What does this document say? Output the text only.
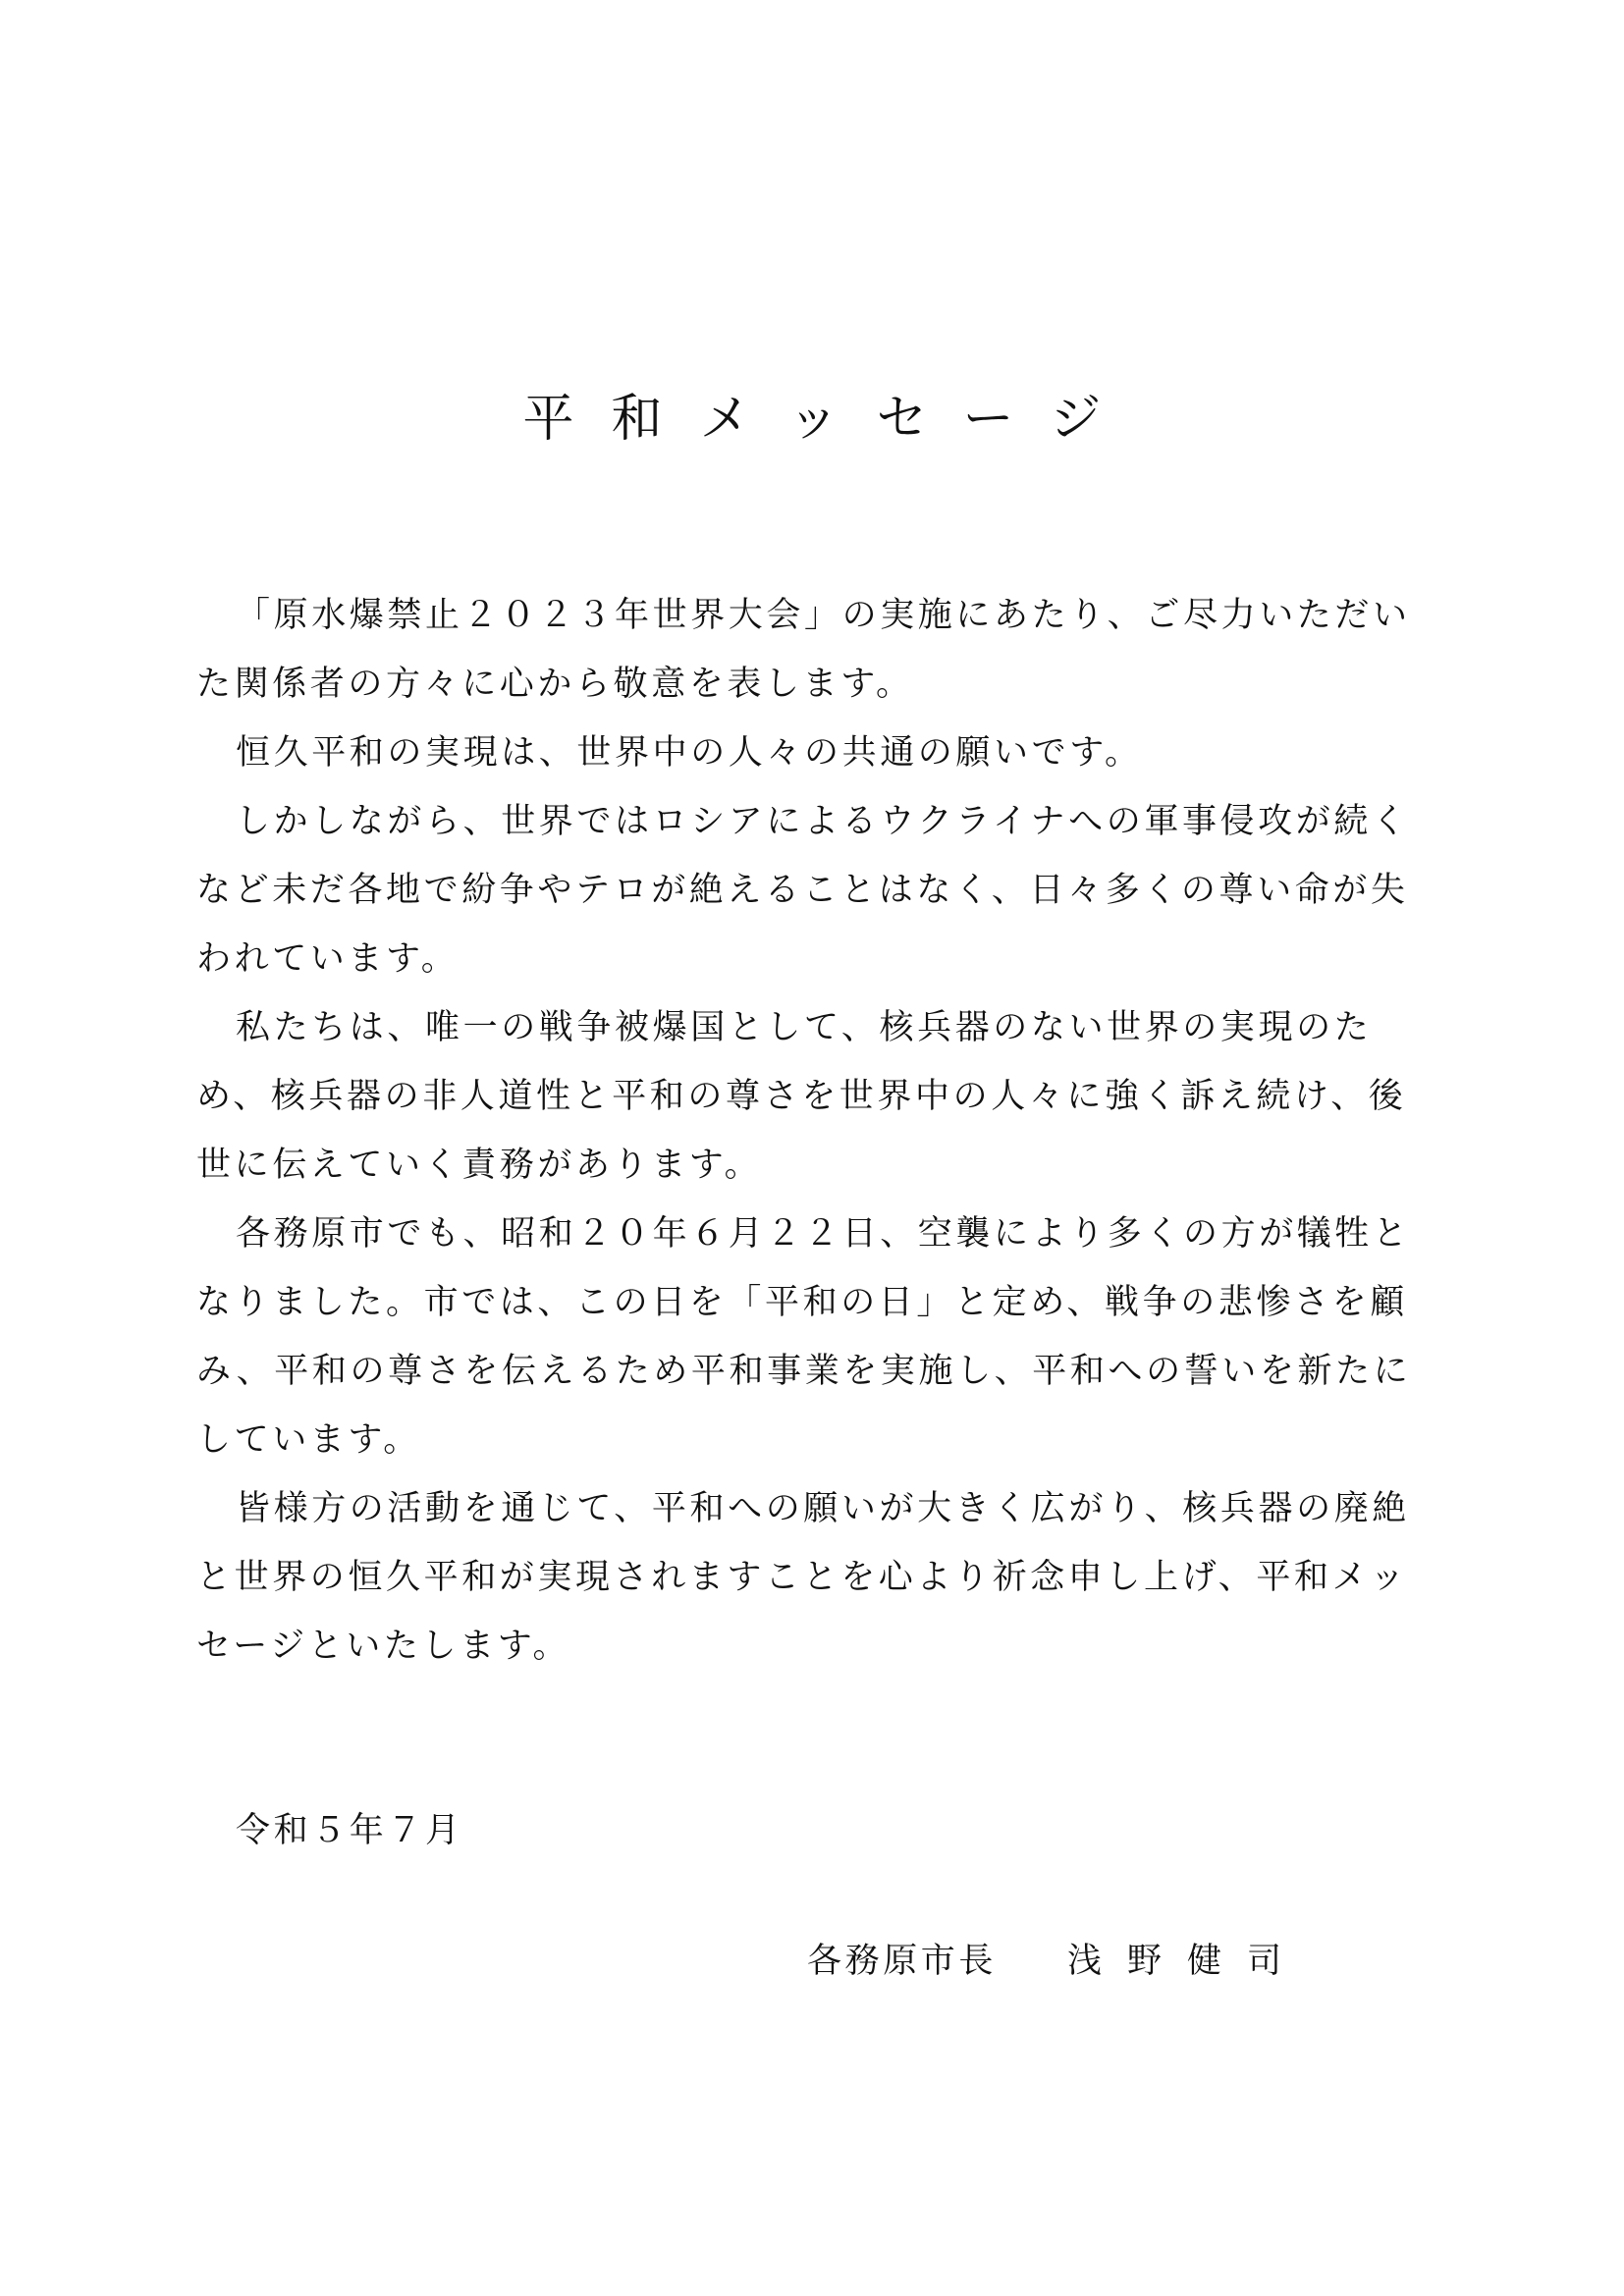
平和メッセージ
「原水爆禁止２０２３年世界大会」の実施にあたり、ご尽力いただい
た関係者の方々に心から敬意を表します。
恒久平和の実現は、世界中の人々の共通の願いです。
しかしながら、世界ではロシアによるウクライナへの軍事侵攻が続く
など未だ各地で紛争やテロが絶えることはなく、日々多くの尊い命が失
われています。
私たちは、唯一の戦争被爆国として、核兵器のない世界の実現のた
め、核兵器の非人道性と平和の尊さを世界中の人々に強く訴え続け、後
世に伝えていく責務があります。
各務原市でも、昭和２０年６月２２日、空襲により多くの方が犠牲と
なりました。市では、この日を「平和の日」と定め、戦争の悲惨さを顧
み、平和の尊さを伝えるため平和事業を実施し、平和への誓いを新たに
しています。
皆様方の活動を通じて、平和への願いが大きく広がり、核兵器の廃絶
と世界の恒久平和が実現されますことを心より祈念申し上げ、平和メッ
セージといたします。
令和５年７月
各務原市長 浅野健司
